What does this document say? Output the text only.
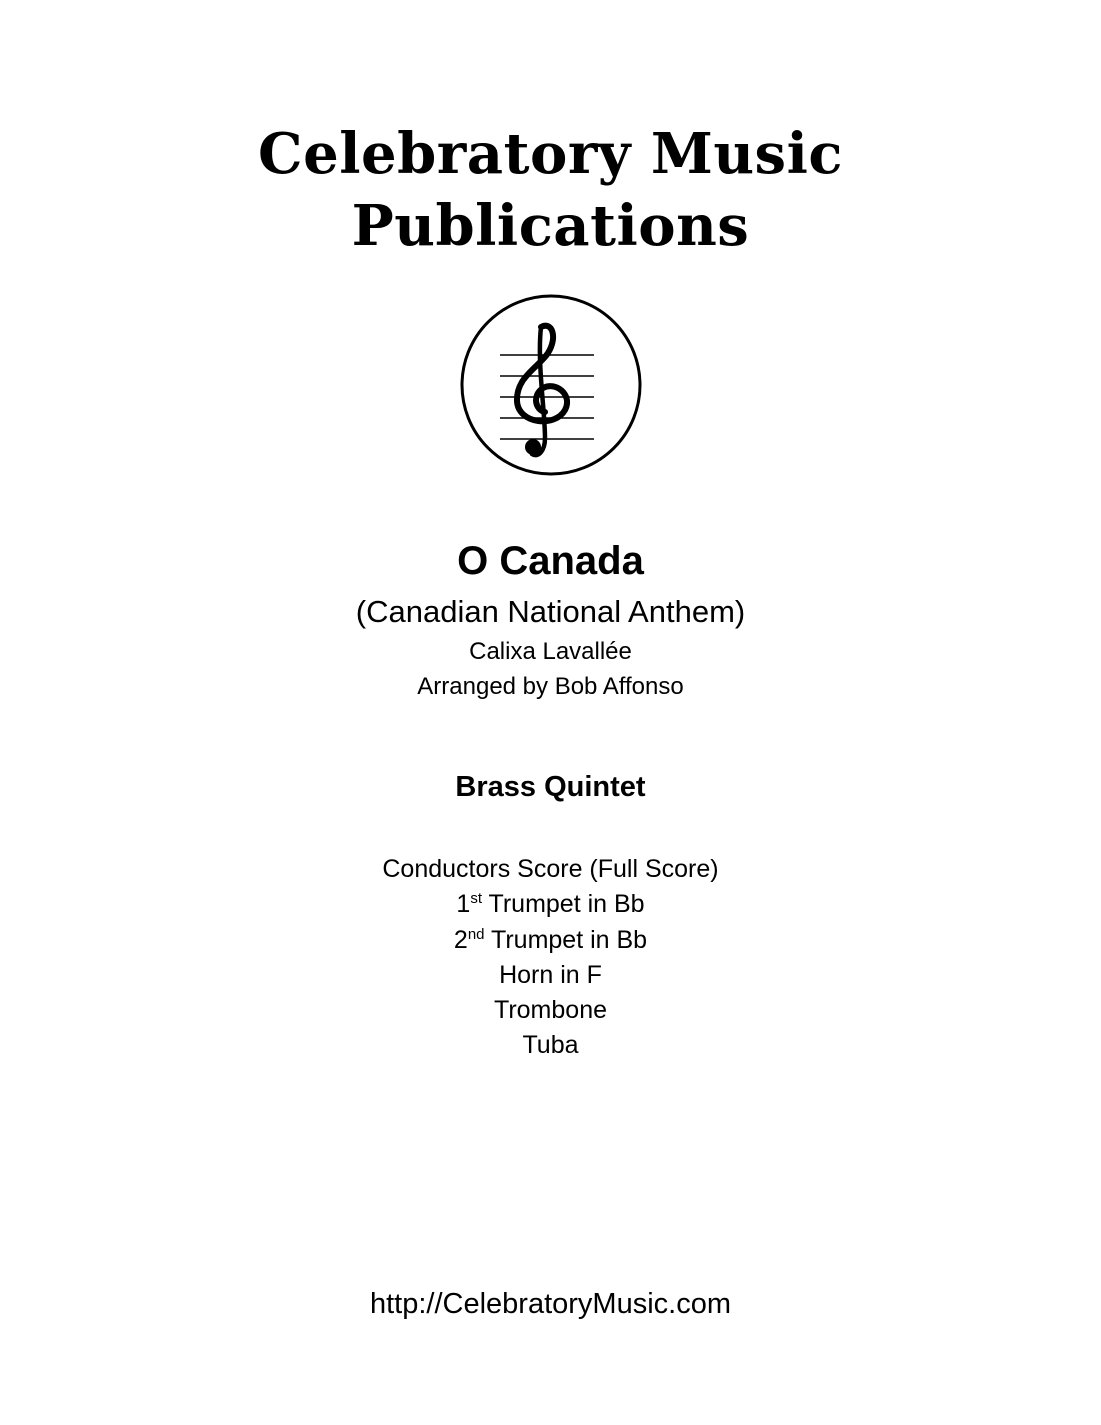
Celebratory Music
Publications
O Canada
(Canadian National Anthem)
Calixa Lavallée
Arranged by Bob Affonso
Brass Quintet
Conductors Score (Full Score)
1st Trumpet in Bb
2nd Trumpet in Bb
Horn in F
Trombone
Tuba
http://CelebratoryMusic.com
